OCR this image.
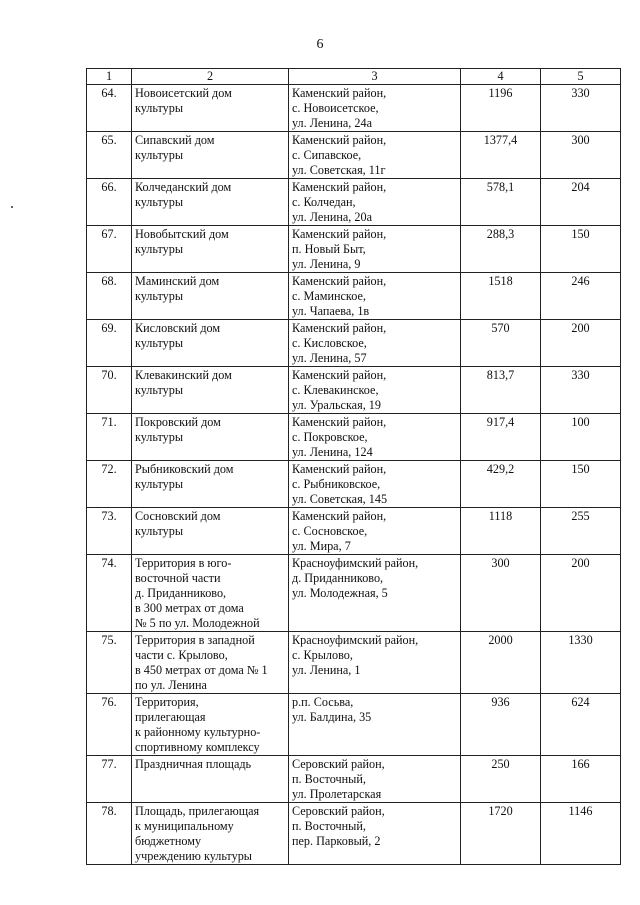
6
1	2	3	4	5
64.	Новоисетский дом
культуры	Каменский район,
с. Новоисетское,
ул. Ленина, 24а	1196	330
65.	Сипавский дом
культуры	Каменский район,
с. Сипавское,
ул. Советская, 11г	1377,4	300
66.	Колчеданский дом
культуры	Каменский район,
с. Колчедан,
ул. Ленина, 20а	578,1	204
67.	Новобытский дом
культуры	Каменский район,
п. Новый Быт,
ул. Ленина, 9	288,3	150
68.	Маминский дом
культуры	Каменский район,
с. Маминское,
ул. Чапаева, 1в	1518	246
69.	Кисловский дом
культуры	Каменский район,
с. Кисловское,
ул. Ленина, 57	570	200
70.	Клевакинский дом
культуры	Каменский район,
с. Клевакинское,
ул. Уральская, 19	813,7	330
71.	Покровский дом
культуры	Каменский район,
с. Покровское,
ул. Ленина, 124	917,4	100
72.	Рыбниковский дом
культуры	Каменский район,
с. Рыбниковское,
ул. Советская, 145	429,2	150
73.	Сосновский дом
культуры	Каменский район,
с. Сосновское,
ул. Мира, 7	1118	255
74.	Территория в юго-
восточной части
д. Приданниково,
в 300 метрах от дома
№ 5 по ул. Молодежной	Красноуфимский район,
д. Приданниково,
ул. Молодежная, 5	300	200
75.	Территория в западной
части с. Крылово,
в 450 метрах от дома № 1
по ул. Ленина	Красноуфимский район,
с. Крылово,
ул. Ленина, 1	2000	1330
76.	Территория,
прилегающая
к районному культурно-
спортивному комплексу	р.п. Сосьва,
ул. Балдина, 35	936	624
77.	Праздничная площадь	Серовский район,
п. Восточный,
ул. Пролетарская	250	166
78.	Площадь, прилегающая
к муниципальному
бюджетному
учреждению культуры	Серовский район,
п. Восточный,
пер. Парковый, 2	1720	1146
